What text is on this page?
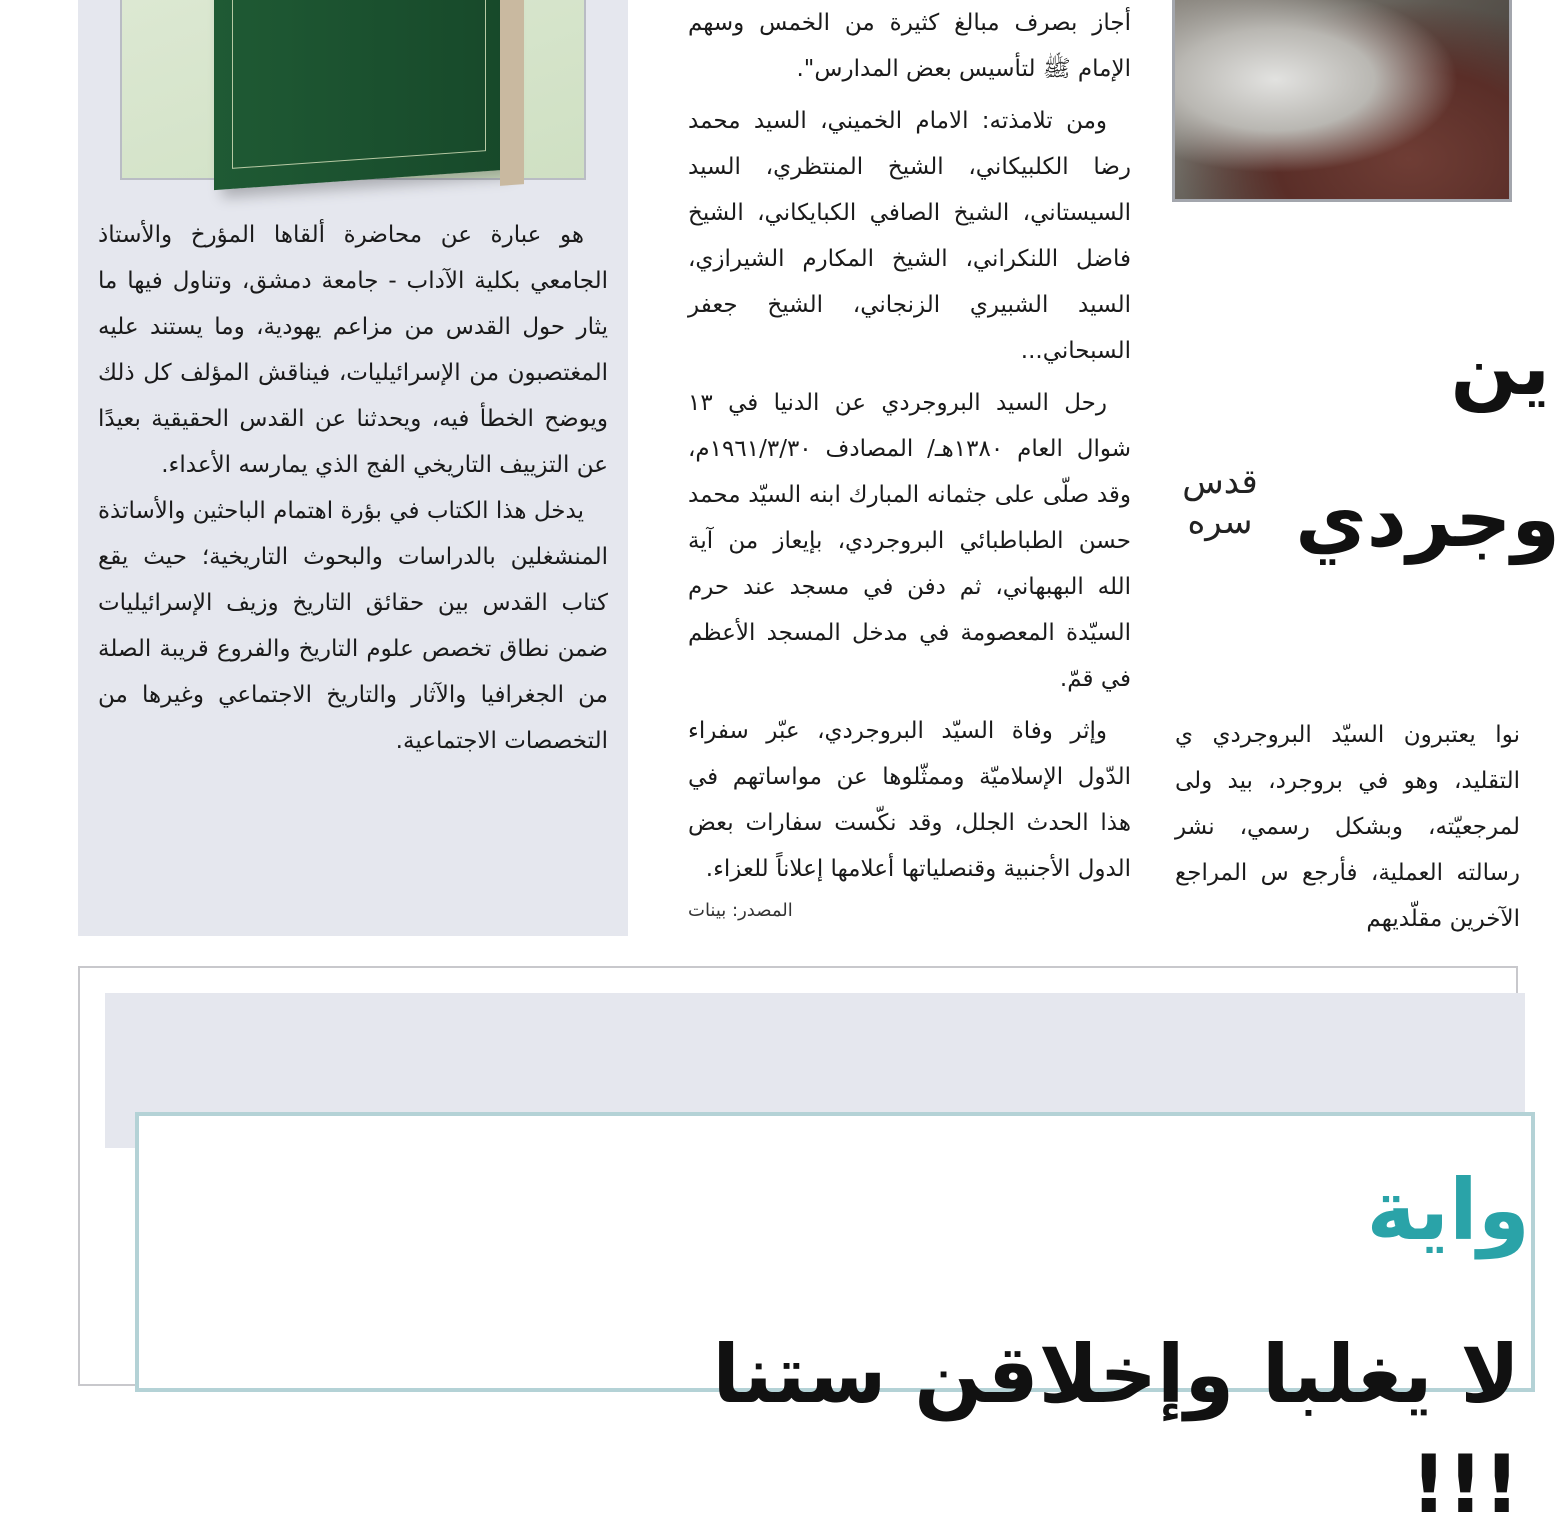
هو عبارة عن محاضرة ألقاها المؤرخ والأستاذ الجامعي بكلية الآداب - جامعة دمشق، وتناول فيها ما يثار حول القدس من مزاعم يهودية، وما يستند عليه المغتصبون من الإسرائيليات، فيناقش المؤلف كل ذلك ويوضح الخطأ فيه، ويحدثنا عن القدس الحقيقية بعيدًا عن التزييف التاريخي الفج الذي يمارسه الأعداء.

يدخل هذا الكتاب في بؤرة اهتمام الباحثين والأساتذة المنشغلين بالدراسات والبحوث التاريخية؛ حيث يقع كتاب القدس بين حقائق التاريخ وزيف الإسرائيليات ضمن نطاق تخصص علوم التاريخ والفروع قريبة الصلة من الجغرافيا والآثار والتاريخ الاجتماعي وغيرها من التخصصات الاجتماعية.

أجاز بصرف مبالغ كثيرة من الخمس وسهم الإمام ﷺ لتأسيس بعض المدارس".

ومن تلامذته: الامام الخميني، السيد محمد رضا الكلبيكاني، الشيخ المنتظري، السيد السيستاني، الشيخ الصافي الكبايكاني، الشيخ فاضل اللنكراني، الشيخ المكارم الشيرازي، السيد الشبيري الزنجاني، الشيخ جعفر السبحاني...

رحل السيد البروجردي عن الدنيا في ١٣ شوال العام ١٣٨٠هـ/ المصادف ١٩٦١/٣/٣٠م، وقد صلّى على جثمانه المبارك ابنه السيّد محمد حسن الطباطبائي البروجردي، بإيعاز من آية الله البهبهاني، ثم دفن في مسجد عند حرم السيّدة المعصومة في مدخل المسجد الأعظم في قمّ.

وإثر وفاة السيّد البروجردي، عبّر سفراء الدّول الإسلاميّة وممثّلوها عن مواساتهم في هذا الحدث الجلل، وقد نكّست سفارات بعض الدول الأجنبية وقنصلياتها أعلامها إعلاناً للعزاء.

المصدر: بينات
ين
وجردي
قدس سره

نوا يعتبرون السيّد البروجردي ي التقليد، وهو في بروجرد، بيد ولى لمرجعيّته، وبشكل رسمي، نشر رسالته العملية، فأرجع س المراجع الآخرين مقلّديهم

واية
لا يغلبا وإخلاقن ستنا !!!
